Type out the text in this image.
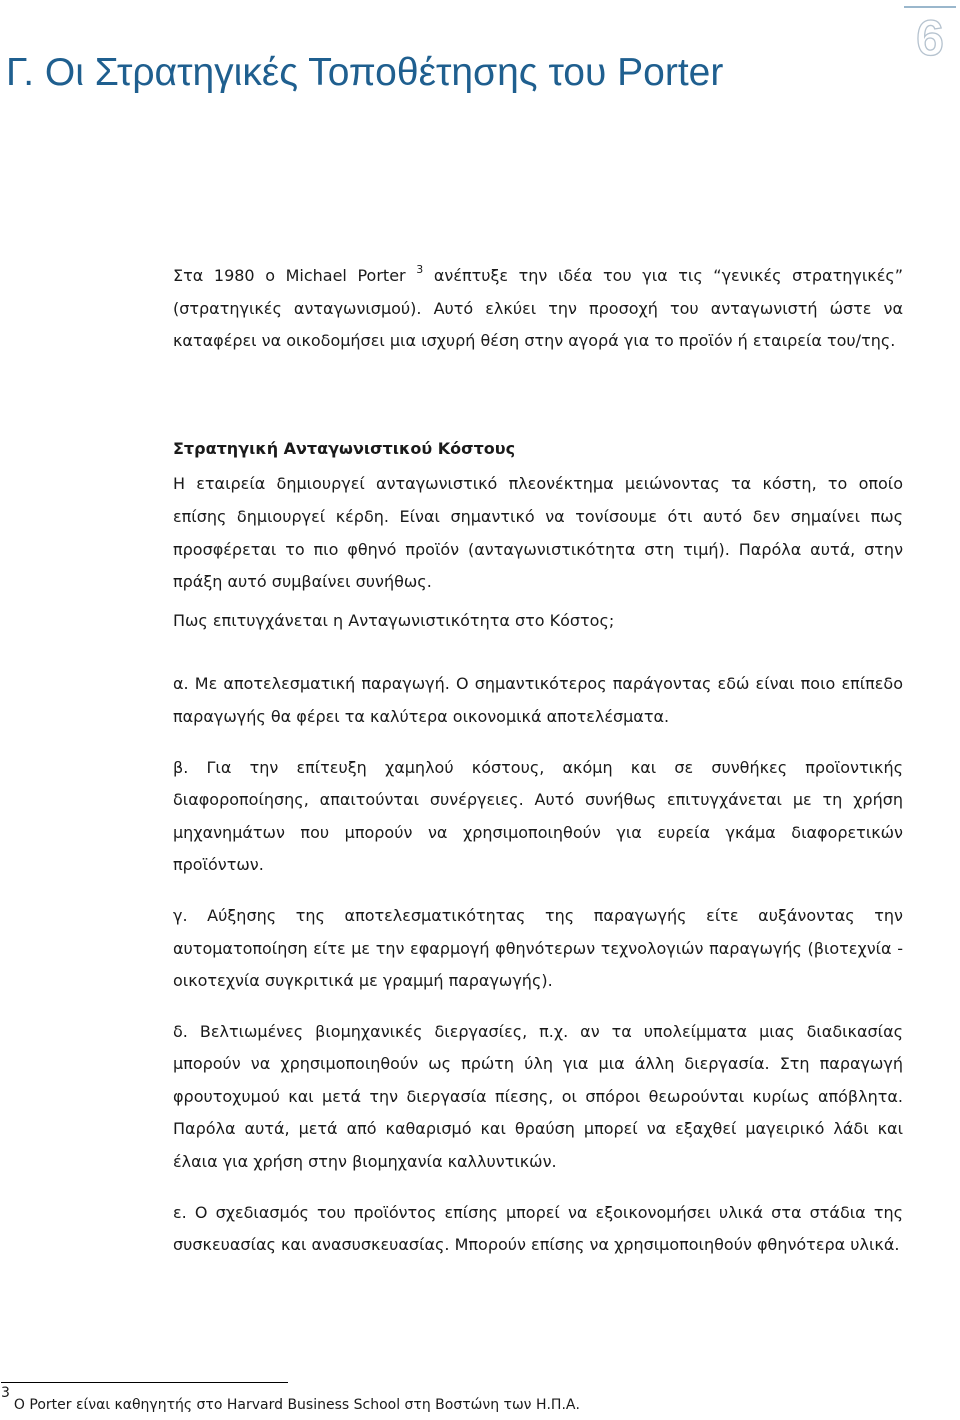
Γ. Οι Στρατηγικές Τοποθέτησης του Porter
6

Στα 1980 ο Michael Porter $^3$ ανέπτυξε την ιδέα του για τις “γενικές στρατηγικές” (στρατηγικές ανταγωνισμού). Αυτό ελκύει την προσοχή του ανταγωνιστή ώστε να καταφέρει να οικοδομήσει μια ισχυρή θέση στην αγορά για το προϊόν ή εταιρεία του/της.

Στρατηγική Ανταγωνιστικού Κόστους

Η εταιρεία δημιουργεί ανταγωνιστικό πλεονέκτημα μειώνοντας τα κόστη, το οποίο επίσης δημιουργεί κέρδη. Είναι σημαντικό να τονίσουμε ότι αυτό δεν σημαίνει πως προσφέρεται το πιο φθηνό προϊόν (ανταγωνιστικότητα στη τιμή). Παρόλα αυτά, στην πράξη αυτό συμβαίνει συνήθως.

Πως επιτυγχάνεται η Ανταγωνιστικότητα στο Κόστος;

α. Με αποτελεσματική παραγωγή. Ο σημαντικότερος παράγοντας εδώ είναι ποιο επίπεδο παραγωγής θα φέρει τα καλύτερα οικονομικά αποτελέσματα.

β. Για την επίτευξη χαμηλού κόστους, ακόμη και σε συνθήκες προϊοντικής διαφοροποίησης, απαιτούνται συνέργειες. Αυτό συνήθως επιτυγχάνεται με τη χρήση μηχανημάτων που μπορούν να χρησιμοποιηθούν για ευρεία γκάμα διαφορετικών προϊόντων.

γ. Αύξησης της αποτελεσματικότητας της παραγωγής είτε αυξάνοντας την αυτοματοποίηση είτε με την εφαρμογή φθηνότερων τεχνολογιών παραγωγής (βιοτεχνία - οικοτεχνία συγκριτικά με γραμμή παραγωγής).

δ. Βελτιωμένες βιομηχανικές διεργασίες, π.χ. αν τα υπολείμματα μιας διαδικασίας μπορούν να χρησιμοποιηθούν ως πρώτη ύλη για μια άλλη διεργασία. Στη παραγωγή φρουτοχυμού και μετά την διεργασία πίεσης, οι σπόροι θεωρούνται κυρίως απόβλητα. Παρόλα αυτά, μετά από καθαρισμό και θραύση μπορεί να εξαχθεί μαγειρικό λάδι και έλαια για χρήση στην βιομηχανία καλλυντικών.

ε. Ο σχεδιασμός του προϊόντος επίσης μπορεί να εξοικονομήσει υλικά στα στάδια της συσκευασίας και ανασυσκευασίας. Μπορούν επίσης να χρησιμοποιηθούν φθηνότερα υλικά.

3Ο Porter είναι καθηγητής στο Harvard Business School στη Βοστώνη των Η.Π.Α.
